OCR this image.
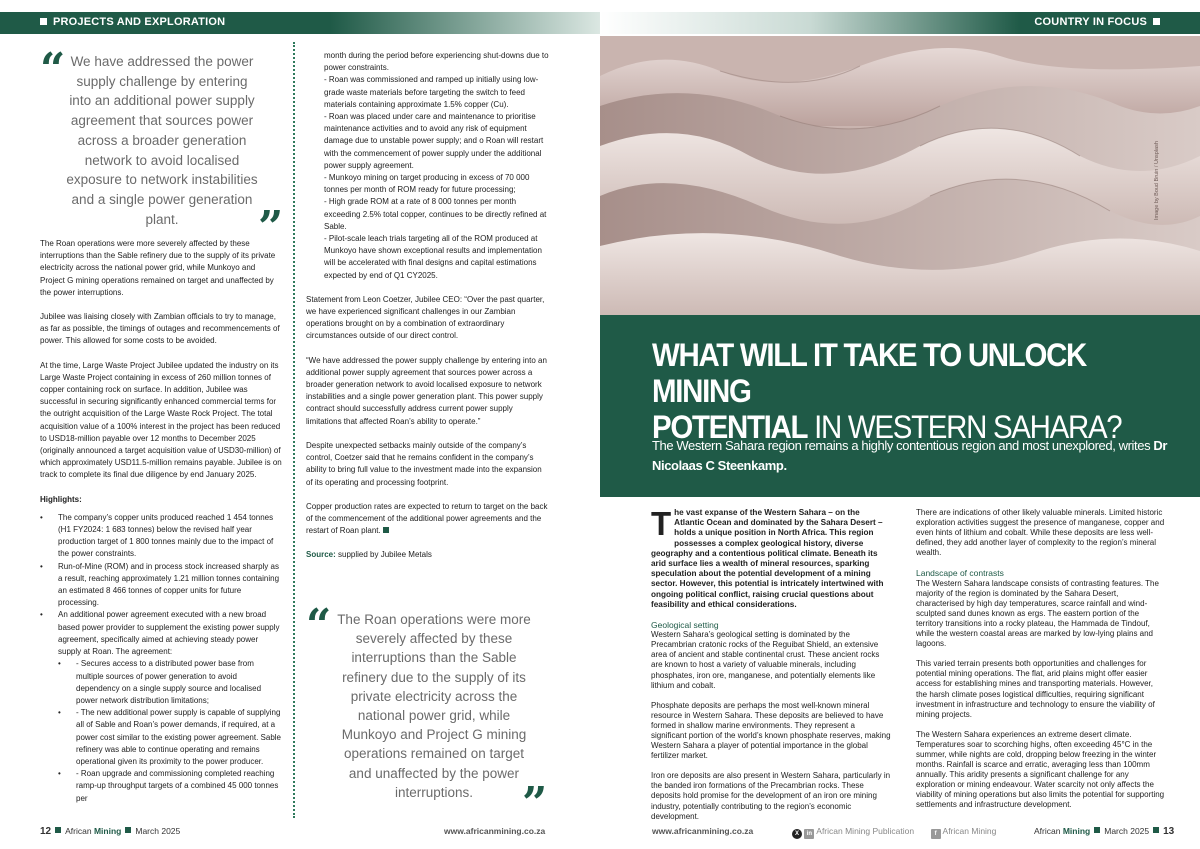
PROJECTS AND EXPLORATION	COUNTRY IN FOCUS
“ We have addressed the power supply challenge by entering into an additional power supply agreement that sources power across a broader generation network to avoid localised exposure to network instabilities and a single power generation plant.	”

The Roan operations were more severely affected by these interruptions than the Sable refinery due to the supply of its private electricity across the national power grid, while Munkoyo and Project G mining operations remained on target and unaffected by the power interruptions.

Jubilee was liaising closely with Zambian officials to try to manage, as far as possible, the timings of outages and recommencements of power. This allowed for some costs to be avoided.

At the time, Large Waste Project Jubilee updated the industry on its Large Waste Project containing in excess of 260 million tonnes of copper containing rock on surface. In addition, Jubilee was successful in securing significantly enhanced commercial terms for the outright acquisition of the Large Waste Rock Project. The total acquisition value of a 100% interest in the project has been reduced to USD18-million payable over 12 months to December 2025 (originally announced a target acquisition value of USD30-million) of which approximately USD11.5-million remains payable. Jubilee is on track to complete its final due diligence by end January 2025.

Highlights:

• The company’s copper units produced reached 1 454 tonnes (H1 FY2024: 1 683 tonnes) below the revised half year production target of 1 800 tonnes mainly due to the impact of the power constraints.
• Run-of-Mine (ROM) and in process stock increased sharply as a result, reaching approximately 1.21 million tonnes containing an estimated 8 466 tonnes of copper units for future processing.
• An additional power agreement executed with a new broad based power provider to supplement the existing power supply agreement, specifically aimed at achieving steady power supply at Roan. The agreement:
• - Secures access to a distributed power base from multiple sources of power generation to avoid dependency on a single supply source and localised power network distribution limitations;
• - The new additional power supply is capable of supplying all of Sable and Roan’s power demands, if required, at a power cost similar to the existing power agreement. Sable refinery was able to continue operating and remains operational given its proximity to the power producer.
• - Roan upgrade and commissioning completed reaching ramp-up throughput targets of a combined 45 000 tonnes per
month during the period before experiencing shut-downs due to power constraints.
- Roan was commissioned and ramped up initially using low-grade waste materials before targeting the switch to feed materials containing approximate 1.5% copper (Cu).
- Roan was placed under care and maintenance to prioritise maintenance activities and to avoid any risk of equipment damage due to unstable power supply; and o Roan will restart with the commencement of power supply under the additional power supply agreement.
- Munkoyo mining on target producing in excess of 70 000 tonnes per month of ROM ready for future processing;
- High grade ROM at a rate of 8 000 tonnes per month exceeding 2.5% total copper, continues to be directly refined at Sable.
- Pilot-scale leach trials targeting all of the ROM produced at Munkoyo have shown exceptional results and implementation will be accelerated with final designs and capital estimations expected by end of Q1 CY2025.

Statement from Leon Coetzer, Jubilee CEO: “Over the past quarter, we have experienced significant challenges in our Zambian operations brought on by a combination of extraordinary circumstances outside of our direct control.

“We have addressed the power supply challenge by entering into an additional power supply agreement that sources power across a broader generation network to avoid localised exposure to network instabilities and a single power generation plant. This power supply contract should successfully address current power supply limitations that affected Roan’s ability to operate.”

Despite unexpected setbacks mainly outside of the company’s control, Coetzer said that he remains confident in the company’s ability to bring full value to the investment made into the expansion of its operating and processing footprint.

Copper production rates are expected to return to target on the back of the commencement of the additional power agreements and the restart of Roan plant.

Source: supplied by Jubilee Metals

“ The Roan operations were more severely affected by these interruptions than the Sable refinery due to the supply of its private electricity across the national power grid, while Munkoyo and Project G mining operations remained on target and unaffected by the power interruptions.	”
12 African Mining March 2025	www.africanmining.co.za
Image by Boud Bruin / Unsplash
WHAT WILL IT TAKE TO UNLOCK MINING
POTENTIAL IN WESTERN SAHARA?
The Western Sahara region remains a highly contentious region and most unexplored, writes Dr Nicolaas C Steenkamp.

The vast expanse of the Western Sahara – on the Atlantic Ocean and dominated by the Sahara Desert – holds a unique position in North Africa. This region possesses a complex geological history, diverse geography and a contentious political climate. Beneath its arid surface lies a wealth of mineral resources, sparking speculation about the potential development of a mining sector. However, this potential is intricately intertwined with ongoing political conflict, raising crucial questions about feasibility and ethical considerations.

Geological setting

Western Sahara’s geological setting is dominated by the Precambrian cratonic rocks of the Reguibat Shield, an extensive area of ancient and stable continental crust. These ancient rocks are known to host a variety of valuable minerals, including phosphates, iron ore, manganese, and potentially elements like lithium and cobalt.

Phosphate deposits are perhaps the most well-known mineral resource in Western Sahara. These deposits are believed to have formed in shallow marine environments. They represent a significant portion of the world’s known phosphate reserves, making Western Sahara a player of potential importance in the global fertilizer market.

Iron ore deposits are also present in Western Sahara, particularly in the banded iron formations of the Precambrian rocks. These deposits hold promise for the development of an iron ore mining industry, potentially contributing to the region’s economic development.

There are indications of other likely valuable minerals. Limited historic exploration activities suggest the presence of manganese, copper and even hints of lithium and cobalt. While these deposits are less well-defined, they add another layer of complexity to the region’s mineral wealth.

Landscape of contrasts

The Western Sahara landscape consists of contrasting features. The majority of the region is dominated by the Sahara Desert, characterised by high day temperatures, scarce rainfall and wind-sculpted sand dunes known as ergs. The eastern portion of the territory transitions into a rocky plateau, the Hammada de Tindouf, while the western coastal areas are marked by low-lying plains and lagoons.

This varied terrain presents both opportunities and challenges for potential mining operations. The flat, arid plains might offer easier access for establishing mines and transporting materials. However, the harsh climate poses logistical difficulties, requiring significant investment in infrastructure and technology to ensure the viability of mining projects.

The Western Sahara experiences an extreme desert climate. Temperatures soar to scorching highs, often exceeding 45°C in the summer, while nights are cold, dropping below freezing in the winter months. Rainfall is scarce and erratic, averaging less than 100mm annually. This aridity presents a significant challenge for any exploration or mining endeavour. Water scarcity not only affects the viability of mining operations but also limits the potential for supporting settlements and infrastructure development.

www.africanmining.co.za	X in African Mining Publication	f African Mining	African Mining March 2025 13
